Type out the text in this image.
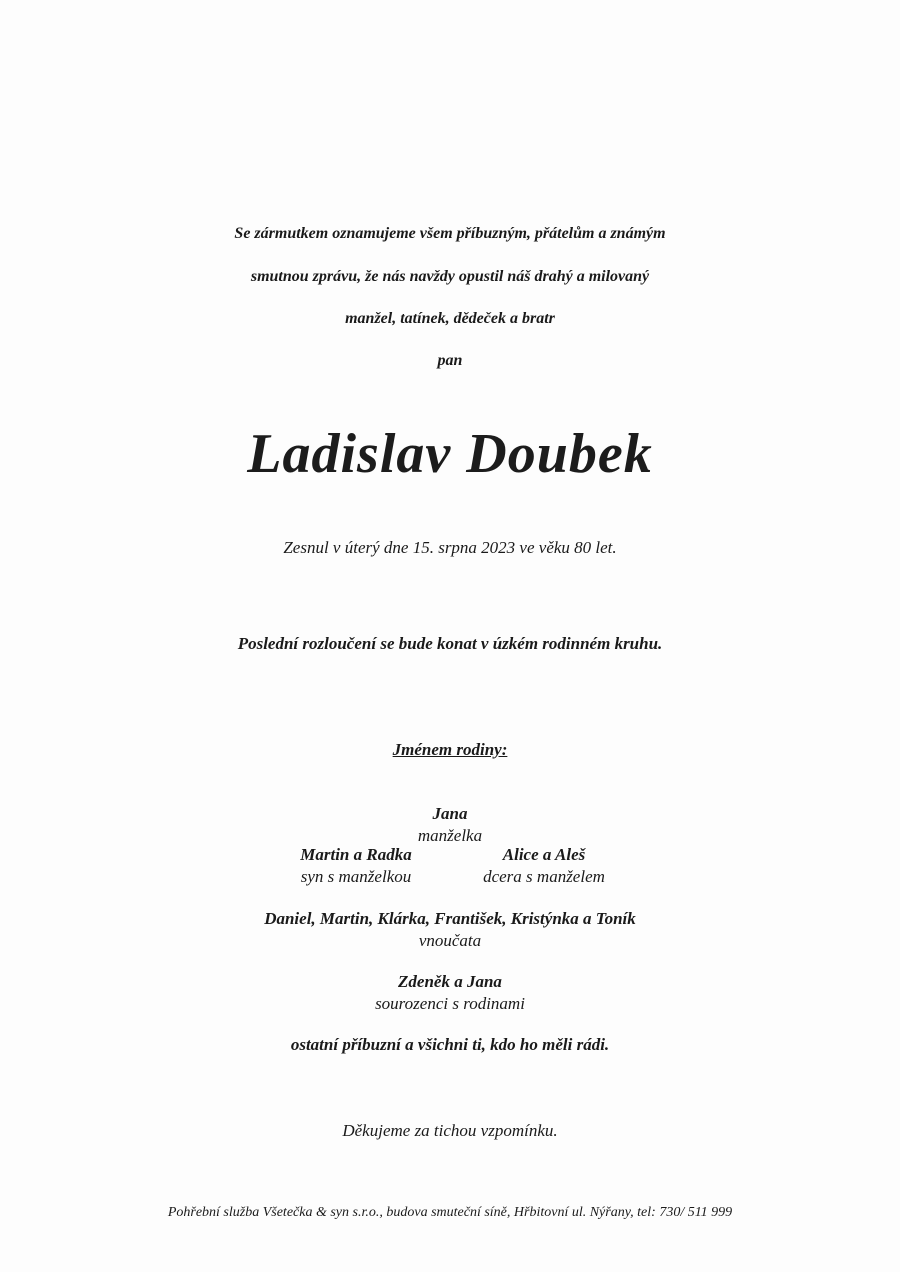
Se zármutkem oznamujeme všem příbuzným, přátelům a známým
smutnou zprávu, že nás navždy opustil náš drahý a milovaný
manžel, tatínek, dědeček a bratr
pan
Ladislav Doubek
Zesnul v úterý dne 15. srpna 2023 ve věku 80 let.
Poslední rozloučení se bude konat v úzkém rodinném kruhu.
Jménem rodiny:
Jana
manželka
Martin a Radka
syn s manželkou
Alice a Aleš
dcera s manželem
Daniel, Martin, Klárka, František, Kristýnka a Toník
vnoučata
Zdeněk a Jana
sourozenci s rodinami
ostatní příbuzní a všichni ti, kdo ho měli rádi.
Děkujeme za tichou vzpomínku.
Pohřební služba Všetečka & syn s.r.o., budova smuteční síně, Hřbitovní ul. Nýřany, tel: 730/ 511 999
